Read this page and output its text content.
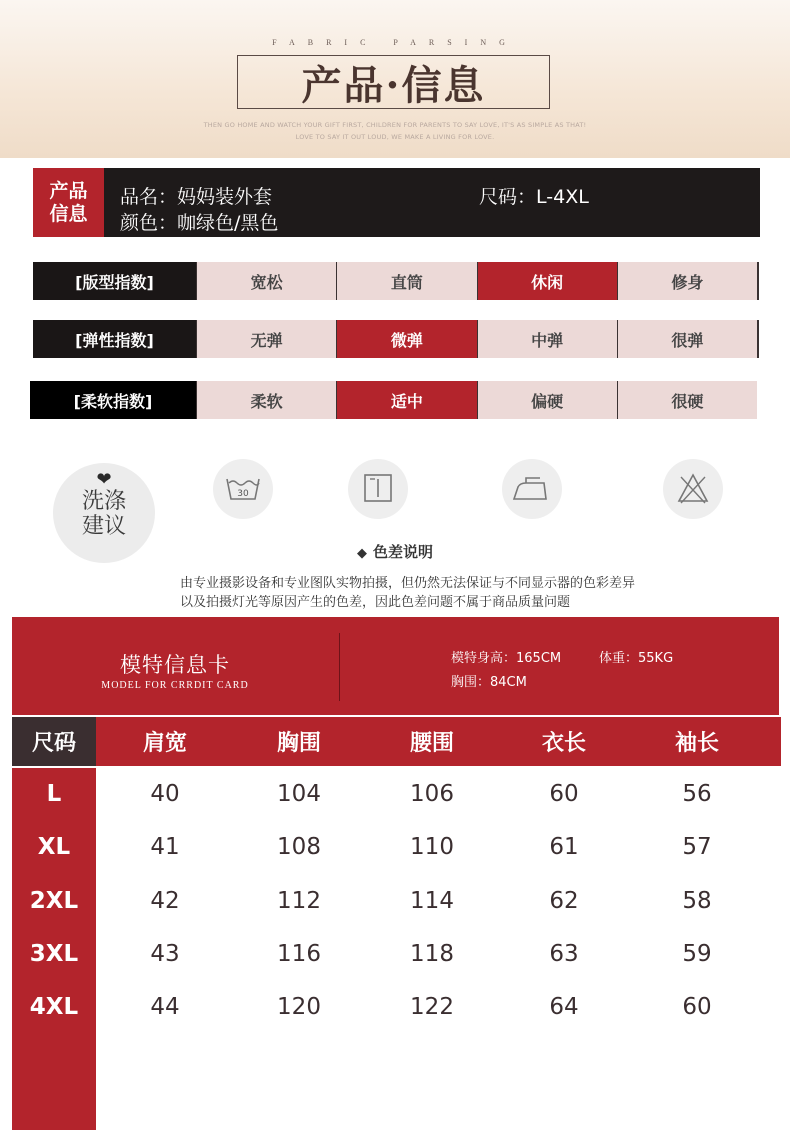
FABRIC PARSING
产品·信息
THEN GO HOME AND WATCH YOUR GIFT FIRST, CHILDREN FOR PARENTS TO SAY LOVE, IT'S AS SIMPLE AS THAT!
LOVE TO SAY IT OUT LOUD, WE MAKE A LIVING FOR LOVE.
产品
信息
品名：妈妈装外套	尺码：L-4XL
颜色：咖绿色/黑色
[版型指数]	宽松	直筒	休闲	修身
[弹性指数]	无弹	微弹	中弹	很弹
[柔软指数]	柔软	适中	偏硬	很硬
❤
洗涤
建议
30
◆ 色差说明
由专业摄影设备和专业图队实物拍摄，但仍然无法保证与不同显示器的色彩差异
以及拍摄灯光等原因产生的色差，因此色差问题不属于商品质量问题
模特信息卡
MODEL FOR CRRDIT CARD
模特身高：165CM	体重：55KG
胸围：84CM
尺码	肩宽	胸围	腰围	衣长	袖长
L	40	104	106	60	56
XL	41	108	110	61	57
2XL	42	112	114	62	58
3XL	43	116	118	63	59
4XL	44	120	122	64	60
